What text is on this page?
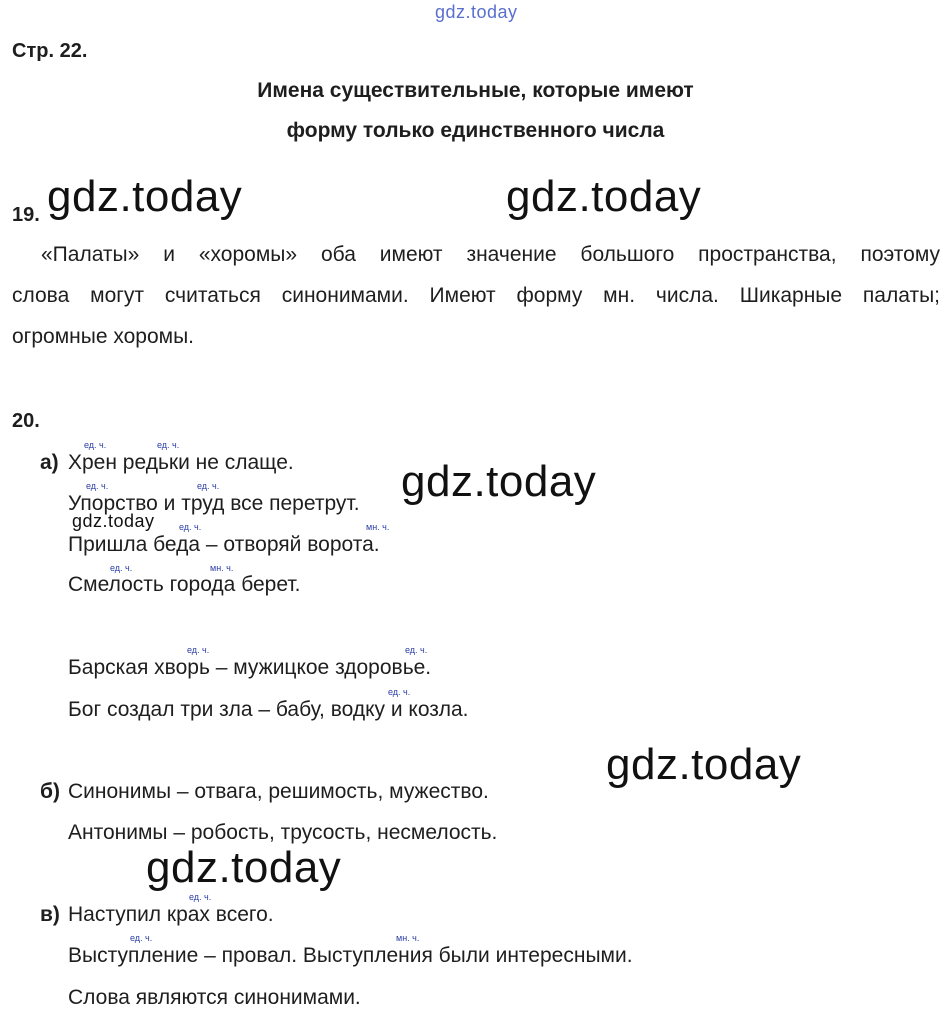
gdz.today
gdz.today	gdz.today
gdz.today
gdz.today
gdz.today
gdz.today
Стр. 22.
Имена существительные, которые имеют
форму только единственного числа
19.
«Палаты» и «хоромы» оба имеют значение большого пространства, поэтому
слова могут считаться синонимами. Имеют форму мн. числа. Шикарные палаты;
огромные хоромы.
20.
а) Хрен редьки не слаще.
Упорство и труд все перетрут.
Пришла беда – отворяй ворота.
Смелость города берет.
Барская хворь – мужицкое здоровье.
Бог создал три зла – бабу, водку и козла.
б) Синонимы – отвага, решимость, мужество.
Антонимы – робость, трусость, несмелость.
в) Наступил крах всего.
Выступление – провал. Выступления были интересными.
Слова являются синонимами.
ед. ч.	ед. ч.
ед. ч.	ед. ч.
ед. ч.	мн. ч.
ед. ч.	мн. ч.
ед. ч.	ед. ч.
ед. ч.
ед. ч.
ед. ч.	мн. ч.
